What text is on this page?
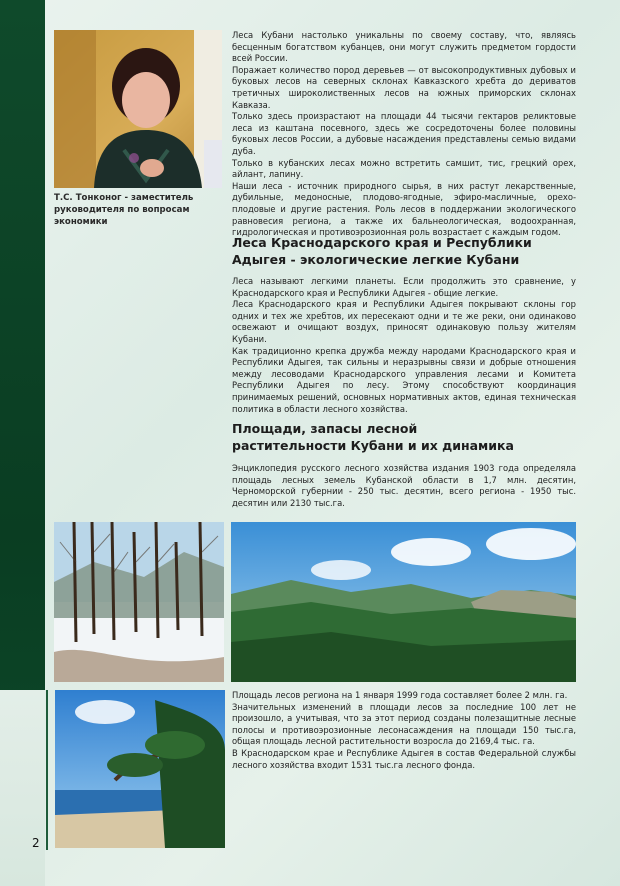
Т.С. Тонконог - заместитель руководителя по вопросам экономики

Леса Кубани настолько уникальны по своему составу, что, являясь бесценным богатством кубанцев, они могут служить предметом гордости всей России.

Поражает количество пород деревьев — от высокопродуктивных дубовых и буковых лесов на северных склонах Кавказского хребта до дериватов третичных широколиственных лесов на южных приморских склонах Кавказа.

Только здесь произрастают на площади 44 тысячи гектаров реликтовые леса из каштана посевного, здесь же сосредоточены более половины буковых лесов России, а дубовые насаждения представлены семью видами дуба.

Только в кубанских лесах можно встретить самшит, тис, грецкий орех, айлант, лапину.

Наши леса - источник природного сырья, в них растут лекарственные, дубильные, медоносные, плодово-ягодные, эфиро-масличные, орехо-плодовые и другие растения. Роль лесов в поддержании экологического равновесия региона, а также их бальнеологическая, водоохранная, гидрологическая и противоэрозионная роль возрастает с каждым годом.

Леса Краснодарского края и Республики Адыгея - экологические легкие Кубани

Леса называют легкими планеты. Если продолжить это сравнение, у Краснодарского края и Республики Адыгея - общие легкие.

Леса Краснодарского края и Республики Адыгея покрывают склоны гор одних и тех же хребтов, их пересекают одни и те же реки, они одинаково освежают и очищают воздух, приносят одинаковую пользу жителям Кубани.

Как традиционно крепка дружба между народами Краснодарского края и Республики Адыгея, так сильны и неразрывны связи и добрые отношения между лесоводами Краснодарского управления лесами и Комитета Республики Адыгея по лесу. Этому способствуют координация принимаемых решений, основных нормативных актов, единая техническая политика в области лесного хозяйства.

Площади, запасы лесной растительности Кубани и их динамика

Энциклопедия русского лесного хозяйства издания 1903 года определяла площадь лесных земель Кубанской области в 1,7 млн. десятин, Черноморской губернии - 250 тыс. десятин, всего региона - 1950 тыс. десятин или 2130 тыс.га.

Площадь лесов региона на 1 января 1999 года составляет более 2 млн. га.

Значительных изменений в площади лесов за последние 100 лет не произошло, а учитывая, что за этот период созданы полезащитные лесные полосы и противоэрозионные лесонасаждения на площади 150 тыс.га, общая площадь лесной растительности возросла до 2169,4 тыс. га.

В Краснодарском крае и Республике Адыгея в состав Федеральной службы лесного хозяйства входит 1531 тыс.га лесного фонда.

2
